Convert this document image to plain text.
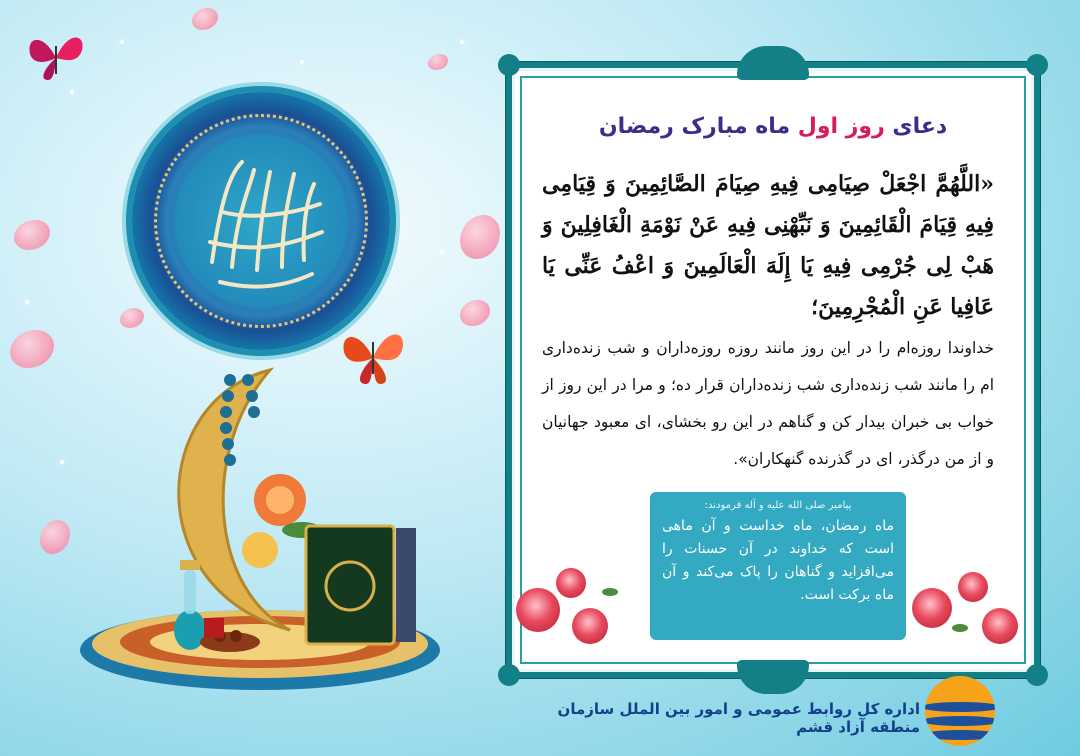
دعای روز اول ماه مبارک رمضان
«اللَّهُمَّ اجْعَلْ صِيَامِی فِيهِ صِيَامَ الصَّائِمِينَ وَ قِيَامِی فِيهِ قِيَامَ الْقَائِمِينَ وَ نَبِّهْنِی فِيهِ عَنْ نَوْمَةِ الْغَافِلِينَ وَ هَبْ لِی جُرْمِی فِيهِ يَا إِلَهَ الْعَالَمِينَ وَ اعْفُ عَنِّی يَا عَافِيا عَنِ الْمُجْرِمِينَ؛
خداوندا روزه‌ام را در این روز مانند روزه روزه‌داران و شب زنده‌داری ام را مانند شب زنده‌داری شب زنده‌داران قرار ده؛ و مرا در این روز از خواب بی خبران بیدار کن و گناهم در این رو بخشای، ای معبود جهانیان و از من درگذر، ای در گذرنده گنهکاران».
پیامبر صلی الله علیه و آله فرمودند:
ماه رمضان، ماه خداست و آن ماهی است که خداوند در آن حسنات را می‌افزاید و گناهان را پاک می‌کند و آن ماه برکت است.
اداره کل روابط عمومی و امور بین الملل سازمان منطقه آزاد قشم
